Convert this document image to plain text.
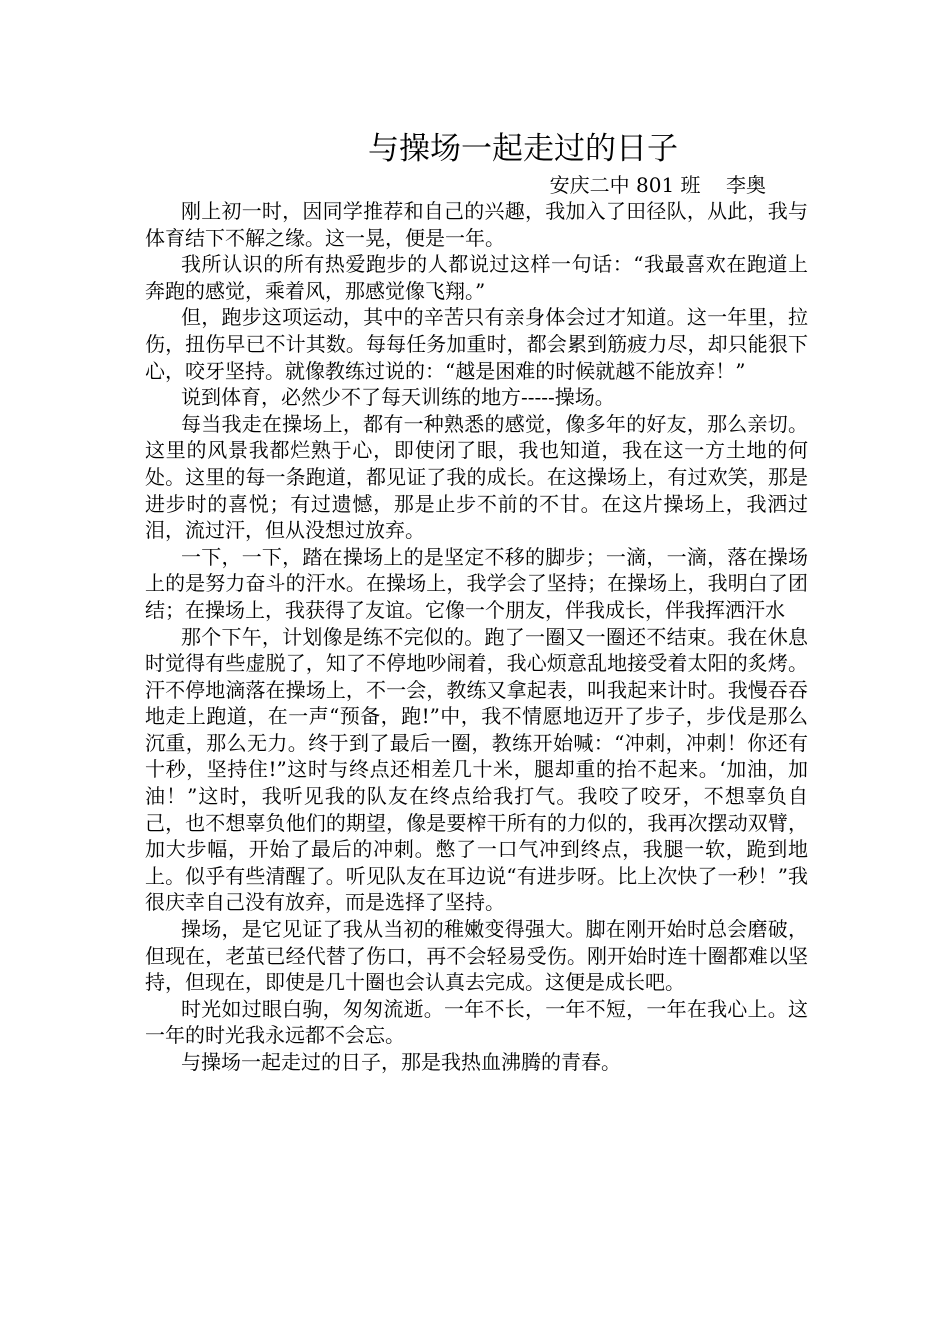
与操场一起走过的日子
安庆二中 801 班    李奥

刚上初一时，因同学推荐和自己的兴趣，我加入了田径队，从此，我与体育结下不解之缘。这一晃，便是一年。

我所认识的所有热爱跑步的人都说过这样一句话：“我最喜欢在跑道上奔跑的感觉，乘着风，那感觉像飞翔。”

但，跑步这项运动，其中的辛苦只有亲身体会过才知道。这一年里，拉伤，扭伤早已不计其数。每每任务加重时，都会累到筋疲力尽，却只能狠下心，咬牙坚持。就像教练过说的：“越是困难的时候就越不能放弃！”

说到体育，必然少不了每天训练的地方-----操场。

每当我走在操场上，都有一种熟悉的感觉，像多年的好友，那么亲切。这里的风景我都烂熟于心，即使闭了眼，我也知道，我在这一方土地的何处。这里的每一条跑道，都见证了我的成长。在这操场上，有过欢笑，那是进步时的喜悦；有过遗憾，那是止步不前的不甘。在这片操场上，我洒过泪，流过汗，但从没想过放弃。

一下，一下，踏在操场上的是坚定不移的脚步；一滴，一滴，落在操场上的是努力奋斗的汗水。在操场上，我学会了坚持；在操场上，我明白了团结；在操场上，我获得了友谊。它像一个朋友，伴我成长，伴我挥洒汗水

那个下午，计划像是练不完似的。跑了一圈又一圈还不结束。我在休息时觉得有些虚脱了，知了不停地吵闹着，我心烦意乱地接受着太阳的炙烤。汗不停地滴落在操场上，不一会，教练又拿起表，叫我起来计时。我慢吞吞地走上跑道，在一声“预备，跑!”中，我不情愿地迈开了步子，步伐是那么沉重，那么无力。终于到了最后一圈，教练开始喊：“冲刺，冲刺！你还有十秒，坚持住!”这时与终点还相差几十米，腿却重的抬不起来。‘加油，加油！”这时，我听见我的队友在终点给我打气。我咬了咬牙，不想辜负自己，也不想辜负他们的期望，像是要榨干所有的力似的，我再次摆动双臂，加大步幅，开始了最后的冲刺。憋了一口气冲到终点，我腿一软，跪到地上。似乎有些清醒了。听见队友在耳边说“有进步呀。比上次快了一秒！”我很庆幸自己没有放弃，而是选择了坚持。

操场，是它见证了我从当初的稚嫩变得强大。脚在刚开始时总会磨破，但现在，老茧已经代替了伤口，再不会轻易受伤。刚开始时连十圈都难以坚持，但现在，即使是几十圈也会认真去完成。这便是成长吧。

时光如过眼白驹，匆匆流逝。一年不长，一年不短，一年在我心上。这一年的时光我永远都不会忘。

与操场一起走过的日子，那是我热血沸腾的青春。
